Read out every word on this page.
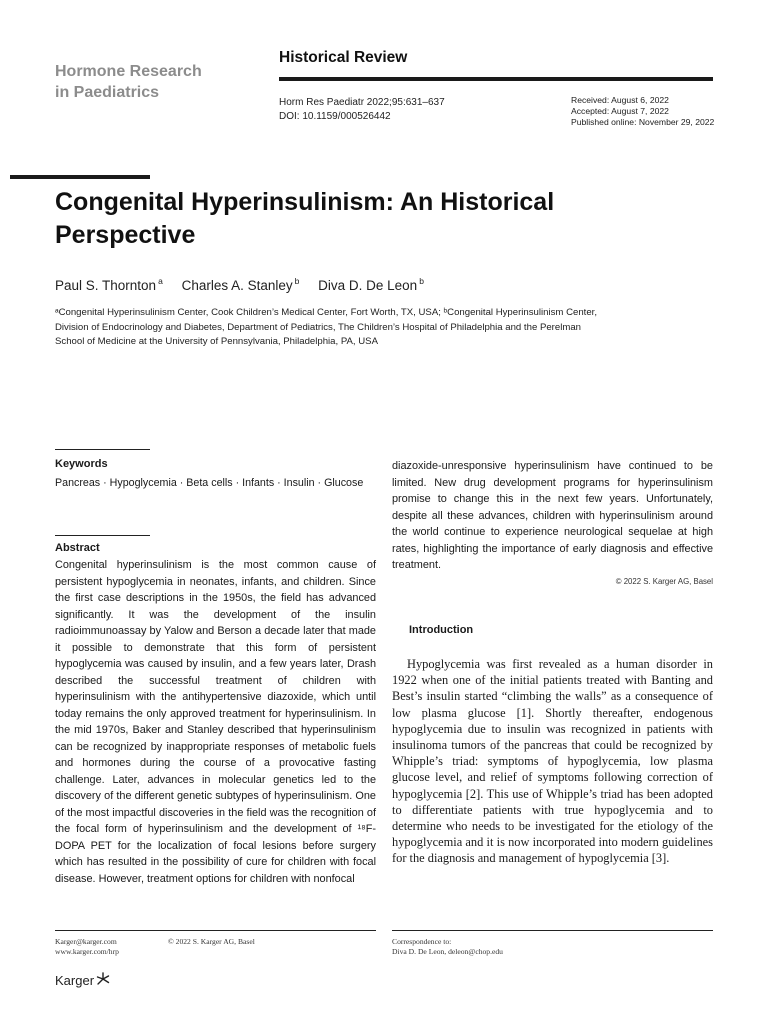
Hormone Research
in Paediatrics
Historical Review
Horm Res Paediatr 2022;95:631–637
DOI: 10.1159/000526442
Received: August 6, 2022
Accepted: August 7, 2022
Published online: November 29, 2022
Congenital Hyperinsulinism: An Historical Perspective
Paul S. Thornton $^a$ Charles A. Stanley $^b$ Diva D. De Leon $^b$
ᵃCongenital Hyperinsulinism Center, Cook Children’s Medical Center, Fort Worth, TX, USA; ᵇCongenital Hyperinsulinism Center, Division of Endocrinology and Diabetes, Department of Pediatrics, The Children’s Hospital of Philadelphia and the Perelman School of Medicine at the University of Pennsylvania, Philadelphia, PA, USA
Keywords
Pancreas · Hypoglycemia · Beta cells · Infants · Insulin · Glucose
Abstract
Congenital hyperinsulinism is the most common cause of persistent hypoglycemia in neonates, infants, and children. Since the first case descriptions in the 1950s, the field has advanced significantly. It was the development of the insulin radioimmunoassay by Yalow and Berson a decade later that made it possible to demonstrate that this form of persistent hypoglycemia was caused by insulin, and a few years later, Drash described the successful treatment of children with hyperinsulinism with the antihypertensive diazoxide, which until today remains the only approved treatment for hyperinsulinism. In the mid 1970s, Baker and Stanley described that hyperinsulinism can be recognized by inappropriate responses of metabolic fuels and hormones during the course of a provocative fasting challenge. Later, advances in molecular genetics led to the discovery of the different genetic subtypes of hyperinsulinism. One of the most impactful discoveries in the field was the recognition of the focal form of hyperinsulinism and the development of ¹⁸F-DOPA PET for the localization of focal lesions before surgery which has resulted in the possibility of cure for children with focal disease. However, treatment options for children with nonfocal
diazoxide-unresponsive hyperinsulinism have continued to be limited. New drug development programs for hyperinsulinism promise to change this in the next few years. Unfortunately, despite all these advances, children with hyperinsulinism around the world continue to experience neurological sequelae at high rates, highlighting the importance of early diagnosis and effective treatment.
© 2022 S. Karger AG, Basel
Introduction

Hypoglycemia was first revealed as a human disorder in 1922 when one of the initial patients treated with Banting and Best’s insulin started “climbing the walls” as a consequence of low plasma glucose [1]. Shortly thereafter, endogenous hypoglycemia due to insulin was recognized in patients with insulinoma tumors of the pancreas that could be recognized by Whipple’s triad: symptoms of hypoglycemia, low plasma glucose level, and relief of symptoms following correction of hypoglycemia [2]. This use of Whipple’s triad has been adopted to differentiate patients with true hypoglycemia and to determine who needs to be investigated for the etiology of the hypoglycemia and it is now incorporated into modern guidelines for the diagnosis and management of hypoglycemia [3].

Karger@karger.com
www.karger.com/hrp
© 2022 S. Karger AG, Basel	Correspondence to:
Diva D. De Leon, deleon@chop.edu
Karger
